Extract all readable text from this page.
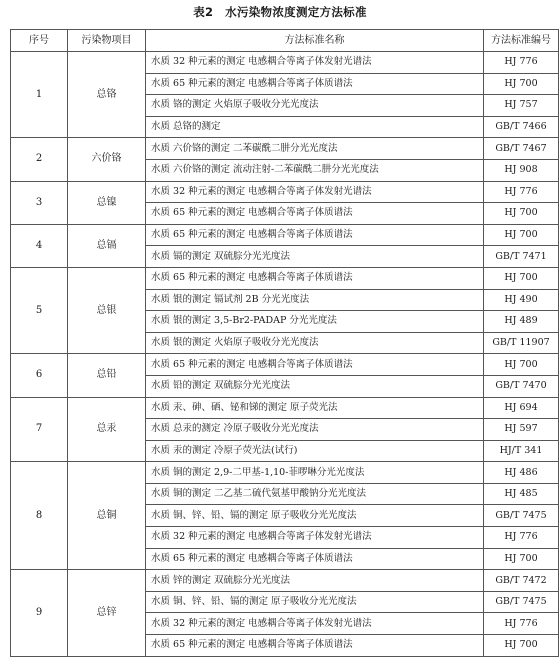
表2　水污染物浓度测定方法标准
序号	污染物项目	方法标准名称	方法标准编号
1	总铬	水质 32 种元素的测定 电感耦合等离子体发射光谱法	HJ 776
		水质 65 种元素的测定 电感耦合等离子体质谱法	HJ 700
		水质 铬的测定 火焰原子吸收分光光度法	HJ 757
		水质 总铬的测定	GB/T 7466
2	六价铬	水质 六价铬的测定 二苯碳酰二肼分光光度法	GB/T 7467
		水质 六价铬的测定 流动注射-二苯碳酰二肼分光光度法	HJ 908
3	总镍	水质 32 种元素的测定 电感耦合等离子体发射光谱法	HJ 776
		水质 65 种元素的测定 电感耦合等离子体质谱法	HJ 700
4	总镉	水质 65 种元素的测定 电感耦合等离子体质谱法	HJ 700
		水质 镉的测定 双硫腙分光光度法	GB/T 7471
5	总银	水质 65 种元素的测定 电感耦合等离子体质谱法	HJ 700
		水质 银的测定 镉试剂 2B 分光光度法	HJ 490
		水质 银的测定 3,5-Br2-PADAP 分光光度法	HJ 489
		水质 银的测定 火焰原子吸收分光光度法	GB/T 11907
6	总铅	水质 65 种元素的测定 电感耦合等离子体质谱法	HJ 700
		水质 铅的测定 双硫腙分光光度法	GB/T 7470
7	总汞	水质 汞、砷、硒、铋和锑的测定 原子荧光法	HJ 694
		水质 总汞的测定 冷原子吸收分光光度法	HJ 597
		水质 汞的测定 冷原子荧光法(试行)	HJ/T 341
8	总铜	水质 铜的测定 2,9-二甲基-1,10-菲啰啉分光光度法	HJ 486
		水质 铜的测定 二乙基二硫代氨基甲酸钠分光光度法	HJ 485
		水质 铜、锌、铅、镉的测定 原子吸收分光光度法	GB/T 7475
		水质 32 种元素的测定 电感耦合等离子体发射光谱法	HJ 776
		水质 65 种元素的测定 电感耦合等离子体质谱法	HJ 700
9	总锌	水质 锌的测定 双硫腙分光光度法	GB/T 7472
		水质 铜、锌、铅、镉的测定 原子吸收分光光度法	GB/T 7475
		水质 32 种元素的测定 电感耦合等离子体发射光谱法	HJ 776
		水质 65 种元素的测定 电感耦合等离子体质谱法	HJ 700
